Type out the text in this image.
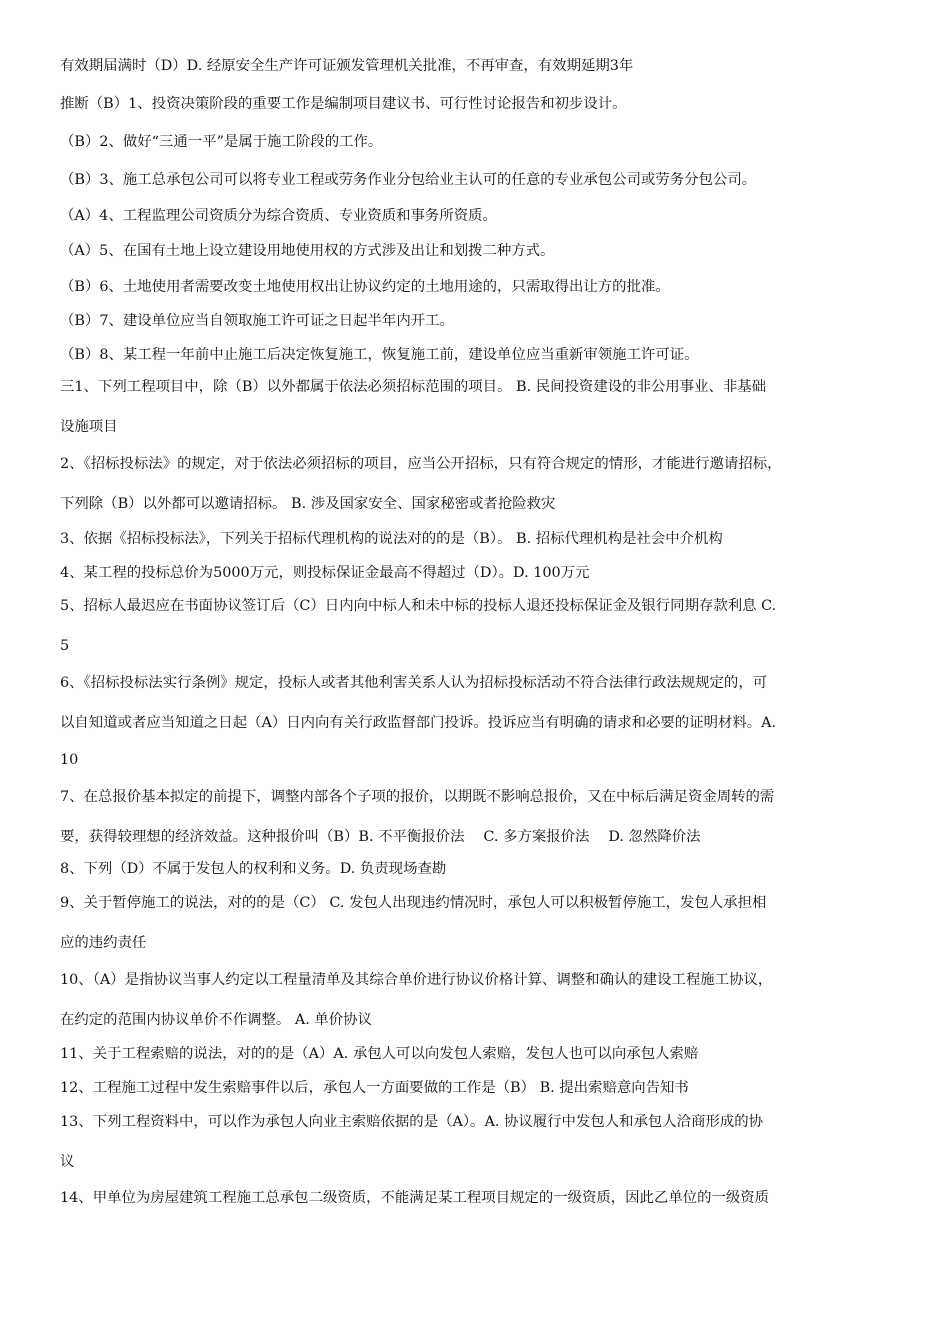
有效期届满时（D）D. 经原安全生产许可证颁发管理机关批准，不再审查，有效期延期3年

推断（B）1、投资决策阶段的重要工作是编制项目建议书、可行性讨论报告和初步设计。

（B）2、做好“三通一平”是属于施工阶段的工作。

（B）3、施工总承包公司可以将专业工程或劳务作业分包给业主认可的任意的专业承包公司或劳务分包公司。

（A）4、工程监理公司资质分为综合资质、专业资质和事务所资质。

（A）5、在国有土地上设立建设用地使用权的方式涉及出让和划拨二种方式。

（B）6、土地使用者需要改变土地使用权出让协议约定的土地用途的，只需取得出让方的批准。

（B）7、建设单位应当自领取施工许可证之日起半年内开工。

（B）8、某工程一年前中止施工后决定恢复施工，恢复施工前，建设单位应当重新审领施工许可证。

三1、下列工程项目中，除（B）以外都属于依法必须招标范围的项目。 B. 民间投资建设的非公用事业、非基础

设施项目

2、《招标投标法》的规定，对于依法必须招标的项目，应当公开招标，只有符合规定的情形，才能进行邀请招标，

下列除（B）以外都可以邀请招标。 B. 涉及国家安全、国家秘密或者抢险救灾

3、依据《招标投标法》，下列关于招标代理机构的说法对的的是（B）。 B. 招标代理机构是社会中介机构

4、某工程的投标总价为5000万元，则投标保证金最高不得超过（D）。D. 100万元

5、招标人最迟应在书面协议签订后（C）日内向中标人和未中标的投标人退还投标保证金及银行同期存款利息 C.

5

6、《招标投标法实行条例》规定，投标人或者其他利害关系人认为招标投标活动不符合法律行政法规规定的，可

以自知道或者应当知道之日起（A）日内向有关行政监督部门投诉。投诉应当有明确的请求和必要的证明材料。A.

10

7、在总报价基本拟定的前提下，调整内部各个子项的报价，以期既不影响总报价，又在中标后满足资金周转的需

要，获得较理想的经济效益。这种报价叫（B）B. 不平衡报价法　 C. 多方案报价法　 D. 忽然降价法

8、下列（D）不属于发包人的权利和义务。D. 负责现场查勘

9、关于暂停施工的说法，对的的是（C） C. 发包人出现违约情况时，承包人可以积极暂停施工，发包人承担相

应的违约责任

10、（A）是指协议当事人约定以工程量清单及其综合单价进行协议价格计算、调整和确认的建设工程施工协议，

在约定的范围内协议单价不作调整。 A. 单价协议

11、关于工程索赔的说法，对的的是（A）A. 承包人可以向发包人索赔，发包人也可以向承包人索赔

12、工程施工过程中发生索赔事件以后，承包人一方面要做的工作是（B） B. 提出索赔意向告知书

13、下列工程资料中，可以作为承包人向业主索赔依据的是（A）。A. 协议履行中发包人和承包人洽商形成的协

议

14、甲单位为房屋建筑工程施工总承包二级资质，不能满足某工程项目规定的一级资质，因此乙单位的一级资质
